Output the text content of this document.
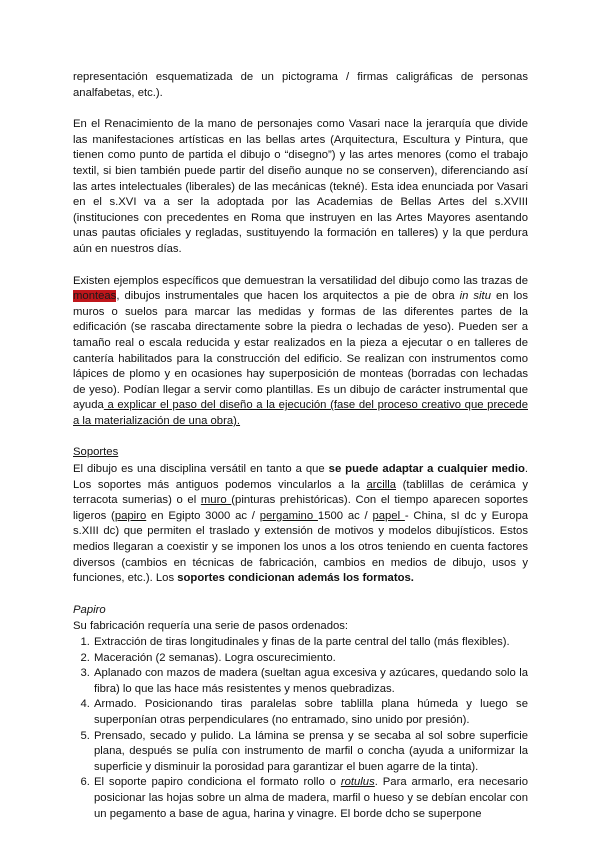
representación esquematizada de un pictograma / firmas caligráficas de personas analfabetas, etc.).

En el Renacimiento de la mano de personajes como Vasari nace la jerarquía que divide las manifestaciones artísticas en las bellas artes (Arquitectura, Escultura y Pintura, que tienen como punto de partida el dibujo o “disegno”) y las artes menores (como el trabajo textil, si bien también puede partir del diseño aunque no se conserven), diferenciando así las artes intelectuales (liberales) de las mecánicas (tekné). Esta idea enunciada por Vasari en el s.XVI va a ser la adoptada por las Academias de Bellas Artes del s.XVIII (instituciones con precedentes en Roma que instruyen en las Artes Mayores asentando unas pautas oficiales y regladas, sustituyendo la formación en talleres) y la que perdura aún en nuestros días.

Existen ejemplos específicos que demuestran la versatilidad del dibujo como las trazas de monteas, dibujos instrumentales que hacen los arquitectos a pie de obra in situ en los muros o suelos para marcar las medidas y formas de las diferentes partes de la edificación (se rascaba directamente sobre la piedra o lechadas de yeso). Pueden ser a tamaño real o escala reducida y estar realizados en la pieza a ejecutar o en talleres de cantería habilitados para la construcción del edificio. Se realizan con instrumentos como lápices de plomo y en ocasiones hay superposición de monteas (borradas con lechadas de yeso). Podían llegar a servir como plantillas. Es un dibujo de carácter instrumental que ayuda a explicar el paso del diseño a la ejecución (fase del proceso creativo que precede a la materialización de una obra).

Soportes

El dibujo es una disciplina versátil en tanto a que se puede adaptar a cualquier medio. Los soportes más antiguos podemos vincularlos a la arcilla (tablillas de cerámica y terracota sumerias) o el muro (pinturas prehistóricas). Con el tiempo aparecen soportes ligeros (papiro en Egipto 3000 ac / pergamino 1500 ac / papel - China, sI dc y Europa s.XIII dc) que permiten el traslado y extensión de motivos y modelos dibujísticos. Estos medios llegaran a coexistir y se imponen los unos a los otros teniendo en cuenta factores diversos (cambios en técnicas de fabricación, cambios en medios de dibujo, usos y funciones, etc.). Los soportes condicionan además los formatos.

Papiro
Su fabricación requería una serie de pasos ordenados:
1. Extracción de tiras longitudinales y finas de la parte central del tallo (más flexibles).
2. Maceración (2 semanas). Logra oscurecimiento.
3. Aplanado con mazos de madera (sueltan agua excesiva y azúcares, quedando solo la fibra) lo que las hace más resistentes y menos quebradizas.
4. Armado. Posicionando tiras paralelas sobre tablilla plana húmeda y luego se superponían otras perpendiculares (no entramado, sino unido por presión).
5. Prensado, secado y pulido. La lámina se prensa y se secaba al sol sobre superficie plana, después se pulía con instrumento de marfil o concha (ayuda a uniformizar la superficie y disminuir la porosidad para garantizar el buen agarre de la tinta).
6. El soporte papiro condiciona el formato rollo o rotulus. Para armarlo, era necesario posicionar las hojas sobre un alma de madera, marfil o hueso y se debían encolar con un pegamento a base de agua, harina y vinagre. El borde dcho se superpone
